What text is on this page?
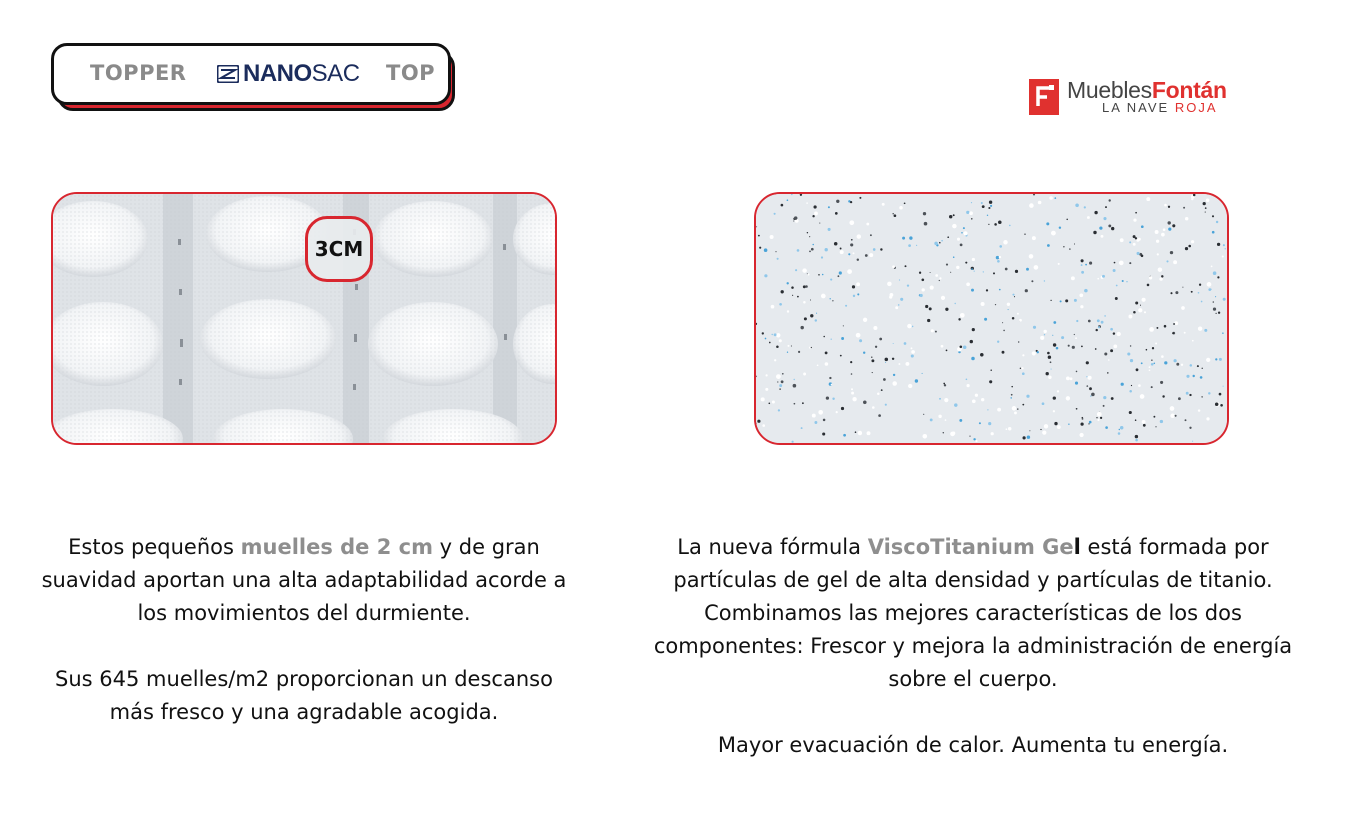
TOPPER NANO SAC TOP
MueblesFontán
LA NAVE ROJA
3CM

Estos pequeños muelles de 2 cm y de gran suavidad aportan una alta adaptabilidad acorde a los movimientos del durmiente.

Sus 645 muelles/m2 proporcionan un descanso más fresco y una agradable acogida.

La nueva fórmula ViscoTitanium Gel está formada por partículas de gel de alta densidad y partículas de titanio. Combinamos las mejores características de los dos componentes: Frescor y mejora la administración de energía sobre el cuerpo.

Mayor evacuación de calor. Aumenta tu energía.
